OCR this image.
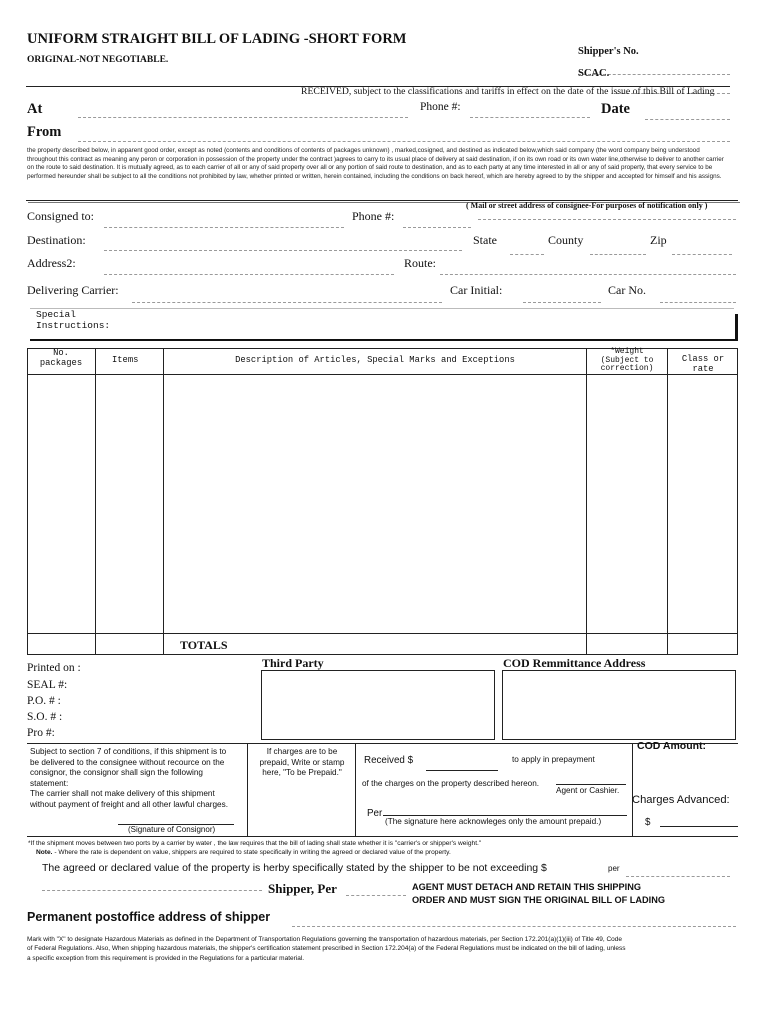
UNIFORM STRAIGHT BILL OF LADING -SHORT FORM
ORIGINAL-NOT NEGOTIABLE.
Shipper's No.
SCAC.
RECEIVED, subject to the classifications and tariffs in effect on the date of the issue of this Bill of Lading
At	Phone #:	Date
From
the property described below, in apparent good order, except as noted (contents and conditions of contents of packages unknown) , marked,cosigned, and destined as indicated below,which said company (the word company being understood throughout this contract as meaning any peron or corporation in possession of the property under the contract )agrees to carry to its usual place of delivery at said destination, if on its own road or its own water line,otherwise to deliver to another carrier on the route to said destination. It is mutually agreed, as to each carrier of all or any of said property over all or any portion of said route to destination, and as to each party at any time interested in all or any of said property, that every service to be performed hereunder shall be subject to all the conditions not prohibited by law, whether printed or written, herein contained, including the conditions on back hereof, which are hereby agreed to by the shipper and accepted for himself and his assigns.
( Mail or street address of consignee-For purposes of notification only )
Consigned to:	Phone #:
Destination:	State	County	Zip
Address2:	Route:
Delivering Carrier:	Car Initial:	Car No.
Special
Instructions:
No.
packages	Items	Description of Articles, Special Marks and Exceptions
*Weight
(Subject to
correction)
Class or
rate
TOTALS
Printed on :
SEAL #:
P.O. # :
S.O. # :
Pro #:
Third Party	COD Remmittance Address
Subject to section 7 of conditions, if this shipment is to
be delivered to the consignee without recource on the
consignor, the consignor shall sign the following
statement:
The carrier shall not make delivery of this shipment
without payment of freight and all other lawful charges.
(Signature of Consignor)
If charges are to be
prepaid, Write or stamp
here, "To be Prepaid."
Received $	to apply in prepayment
of the charges on the property described hereon.
Agent or Cashier.
Per
(The signature here acknowleges only the amount prepaid.)
COD Amount:
Charges Advanced:
$
*If the shipment moves between two ports by a carrier by water , the law requires that the bill of lading shall state whether it is "carrier's or shipper's weight."
Note. - Where the rate is dependent on value, shippers are required to state specifically in writing the agreed or declared value of the property.
The agreed or declared value of the property is herby specifically stated by the shipper to be not exceeding $	per
Shipper, Per	AGENT MUST DETACH AND RETAIN THIS SHIPPING
ORDER AND MUST SIGN THE ORIGINAL BILL OF LADING
Permanent postoffice address of shipper
Mark with "X" to designate Hazardous Materials as defined in the Department of Transportation Regulations governing the transportation of hazardous materials, per Section 172.201(a)(1)(iii) of Title 49, Code
of Federal Regulations. Also, When shipping hazardous materials, the shipper's certification statement prescribed in Section 172.204(a) of the Federal Regulations must be indicated on the bill of lading, unless
a specific exception from this requirement is provided in the Regulations for a particular material.
